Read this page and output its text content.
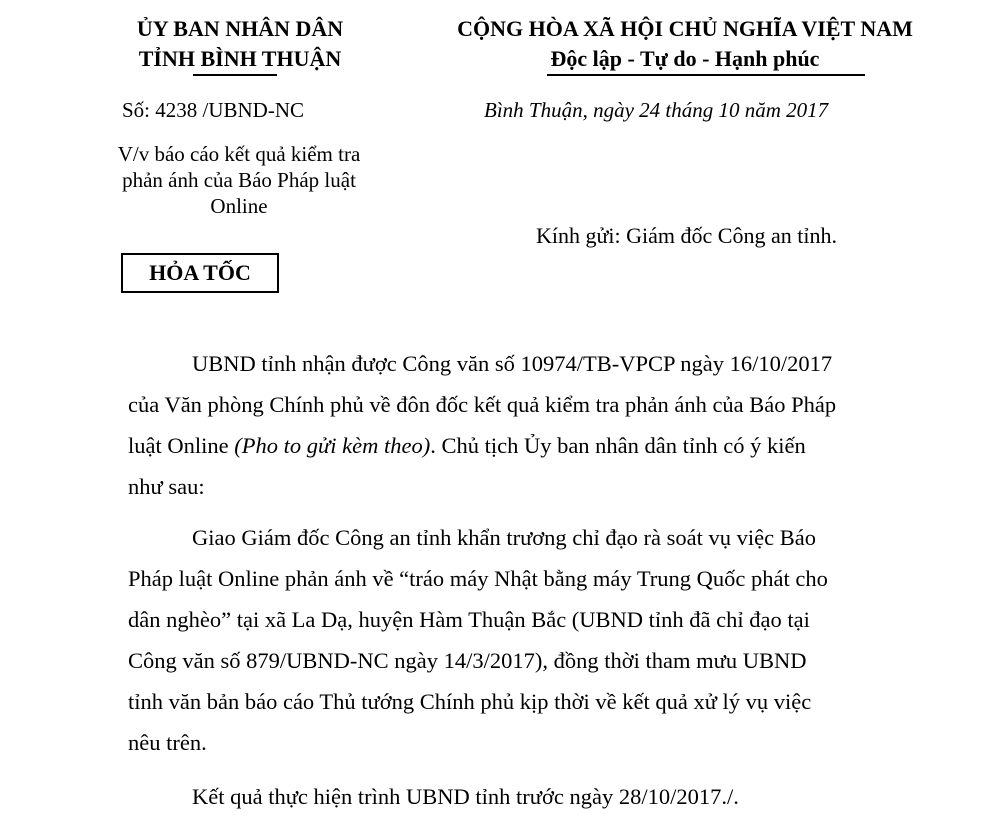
ỦY BAN NHÂN DÂN
TỈNH BÌNH THUẬN
CỘNG HÒA XÃ HỘI CHỦ NGHĨA VIỆT NAM
Độc lập - Tự do - Hạnh phúc
Số: 4238 /UBND-NC	Bình Thuận, ngày 24 tháng 10 năm 2017
V/v báo cáo kết quả kiểm tra
phản ánh của Báo Pháp luật
Online
Kính gửi: Giám đốc Công an tỉnh.
HỎA TỐC
UBND tỉnh nhận được Công văn số 10974/TB-VPCP ngày 16/10/2017
của Văn phòng Chính phủ về đôn đốc kết quả kiểm tra phản ánh của Báo Pháp
luật Online (Pho to gửi kèm theo). Chủ tịch Ủy ban nhân dân tỉnh có ý kiến
như sau:
Giao Giám đốc Công an tỉnh khẩn trương chỉ đạo rà soát vụ việc Báo
Pháp luật Online phản ánh về “tráo máy Nhật bằng máy Trung Quốc phát cho
dân nghèo” tại xã La Dạ, huyện Hàm Thuận Bắc (UBND tỉnh đã chỉ đạo tại
Công văn số 879/UBND-NC ngày 14/3/2017), đồng thời tham mưu UBND
tỉnh văn bản báo cáo Thủ tướng Chính phủ kịp thời về kết quả xử lý vụ việc
nêu trên.
Kết quả thực hiện trình UBND tỉnh trước ngày 28/10/2017./.
